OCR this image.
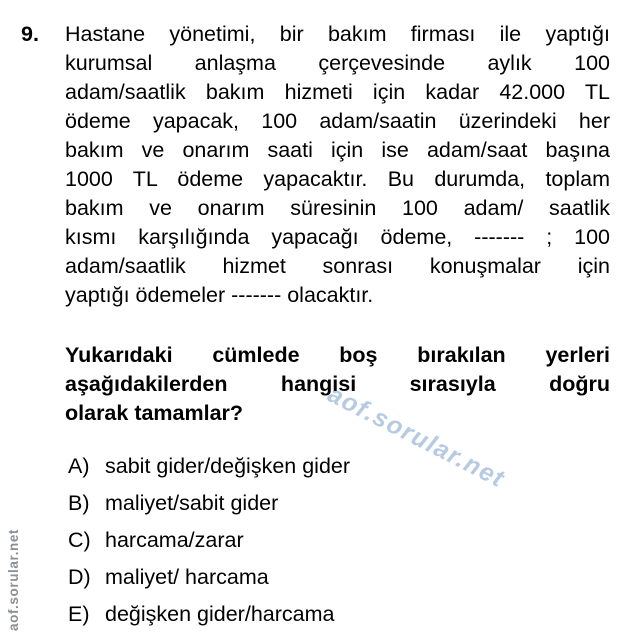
aof.sorular.net
aof.sorular.net
9. Hastane yönetimi, bir bakım firması ile yaptığı
kurumsal anlaşma çerçevesinde aylık 100
adam/saatlik bakım hizmeti için kadar 42.000 TL
ödeme yapacak, 100 adam/saatin üzerindeki her
bakım ve onarım saati için ise adam/saat başına
1000 TL ödeme yapacaktır. Bu durumda, toplam
bakım ve onarım süresinin 100 adam/ saatlik
kısmı karşılığında yapacağı ödeme, ------- ; 100
adam/saatlik hizmet sonrası konuşmalar için
yaptığı ödemeler ------- olacaktır.
Yukarıdaki cümlede boş bırakılan yerleri
aşağıdakilerden hangisi sırasıyla doğru
olarak tamamlar?
A) sabit gider/değişken gider
B) maliyet/sabit gider
C) harcama/zarar
D) maliyet/ harcama
E) değişken gider/harcama
